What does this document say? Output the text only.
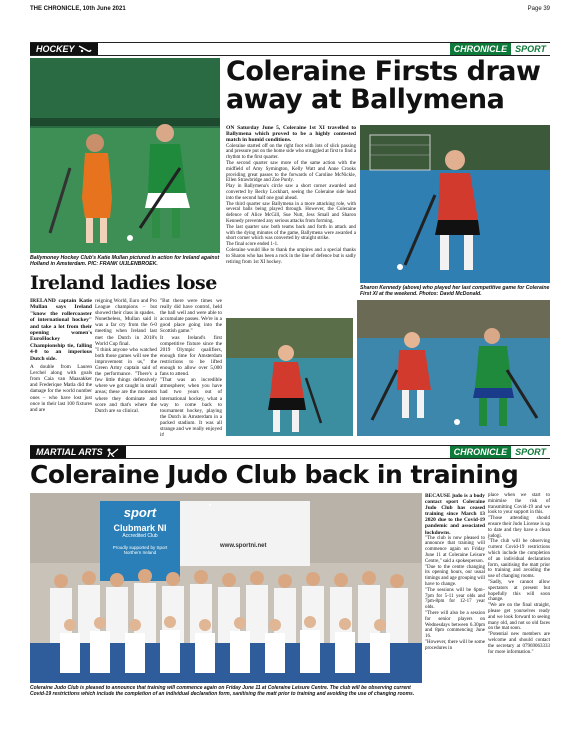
THE CHRONICLE, 10th June 2021	Page 39
HOCKEY	CHRONICLE SPORT
Coleraine Firsts draw away at Ballymena
Ballymoney Hockey Club's Katie Mullan pictured in action for Ireland against Holland in Amsterdam. PIC: FRANK UIJLENBROEK.
Ireland ladies lose

IRELAND captain Katie Mullan says Ireland "know the rollercoaster of international hockey" and take a lot from their opening women's EuroHockey Championship tie, falling 4-0 to an imperious Dutch side.

A double from Lauren Lerchel along with goals from Caia van Maasakker and Frederique Matla did the damage for the world number ones – who have lost just once in their last 100 fixtures and are

reigning World, Euro and Pro League champions – but showed their class in spades.

Nonetheless, Mullan said it was a far cry from the 6-0 meeting when Ireland last met the Dutch in 2018's World Cup final.

"I think anyone who watched both those games will see the improvement in us," the Green Army captain said of the performance. "There's a few little things defensively where we got caught in small areas; these are the moments where they dominate and score and that's where the Dutch are so clinical.

"But there were times we really did have control, held the ball well and were able to accumulate passes. We're in a good place going into the Scottish game."

It was Ireland's first competitive fixture since the 2019 Olympic qualifiers, enough time for Amsterdam restrictions to be lifted enough to allow over 5,000 fans to attend.

"That was an incredible atmosphere; when you have had two years out of international hockey, what a way to come back to tournament hockey, playing the Dutch in Amsterdam in a packed stadium. It was all strange and we really enjoyed it!

ON Saturday June 5, Coleraine 1st XI travelled to Ballymena which proved to be a highly contested match in humid conditions.

Coleraine started off on the right foot with lots of slick passing and pressure put on the home side who struggled at first to find a rhythm to the first quarter.

The second quarter saw more of the same action with the midfield of Amy Symington, Kelly Watt and Anne Crooks providing great passes to the forwards of Caroline McNickle, Ellen Strawbridge and Zoe Purdy.

Play in Ballymena's circle saw a short corner awarded and converted by Becky Lockhart, seeing the Coleraine side head into the second half one goal ahead.

The third quarter saw Ballymena in a more attacking role, with several balls being played through. However, the Coleraine defence of Alice McGill, Sue Nutt, Jess Small and Sharon Kennedy prevented any serious attacks from forming.

The last quarter saw both teams back and forth in attack and with the dying minutes of the game, Ballymena were awarded a short corner which was converted by straight strike.

The final score ended 1-1.

Coleraine would like to thank the umpires and a special thanks to Sharon who has been a rock in the line of defence but is sadly retiring from 1st XI hockey.

Sharon Kennedy (above) who played her last competitive game for Coleraine First XI at the weekend. Photos: David McDonald.
MARTIAL ARTS	CHRONICLE SPORT
Coleraine Judo Club back in training
sport
Clubmark NI
Accredited Club
Proudly supported by Sport Northern Ireland
www.sportni.net
Coleraine Judo Club is pleased to announce that training will commence again on Friday June 11 at Coleraine Leisure Centre. The club will be observing current Covid-19 restrictions which include the completion of an individual declaration form, sanitising the matt prior to training and avoiding the use of changing rooms.

BECAUSE judo is a body contact sport Coleraine Judo Club has ceased training since March 13 2020 due to the Covid-19 pandemic and associated lockdowns.

"The club is now pleased to announce that training will commence again on Friday June 11 at Coleraine Leisure Centre," said a spokesperson.

"Due to the centre changing its opening hours, our usual timings and age grouping will have to change.

"The sessions will be 6pm–7pm for 5-11 year olds and 7pm-8pm for 12-17 year olds.

"There will also be a session for senior players on Wednesdays between 6.30pm and 8pm commencing June 16.

"However, there will be some procedures in

place when we start to minimise the risk of transmitting Covid-19 and we look to your support in this.

"Those attending should ensure their Judo License is up to date and they have a clean judogi.

"The club will be observing current Covid-19 restrictions which include the completion of an individual declaration form, sanitising the matt prior to training and avoiding the use of changing rooms.

"Sadly, we cannot allow spectators at present but hopefully this will soon change.

"We are on the final straight, please get yourselves ready and we look forward to seeing many old, and not so old faces on the mat soon.

"Potential new members are welcome and should contact the secretary at 07969063333 for more information."
